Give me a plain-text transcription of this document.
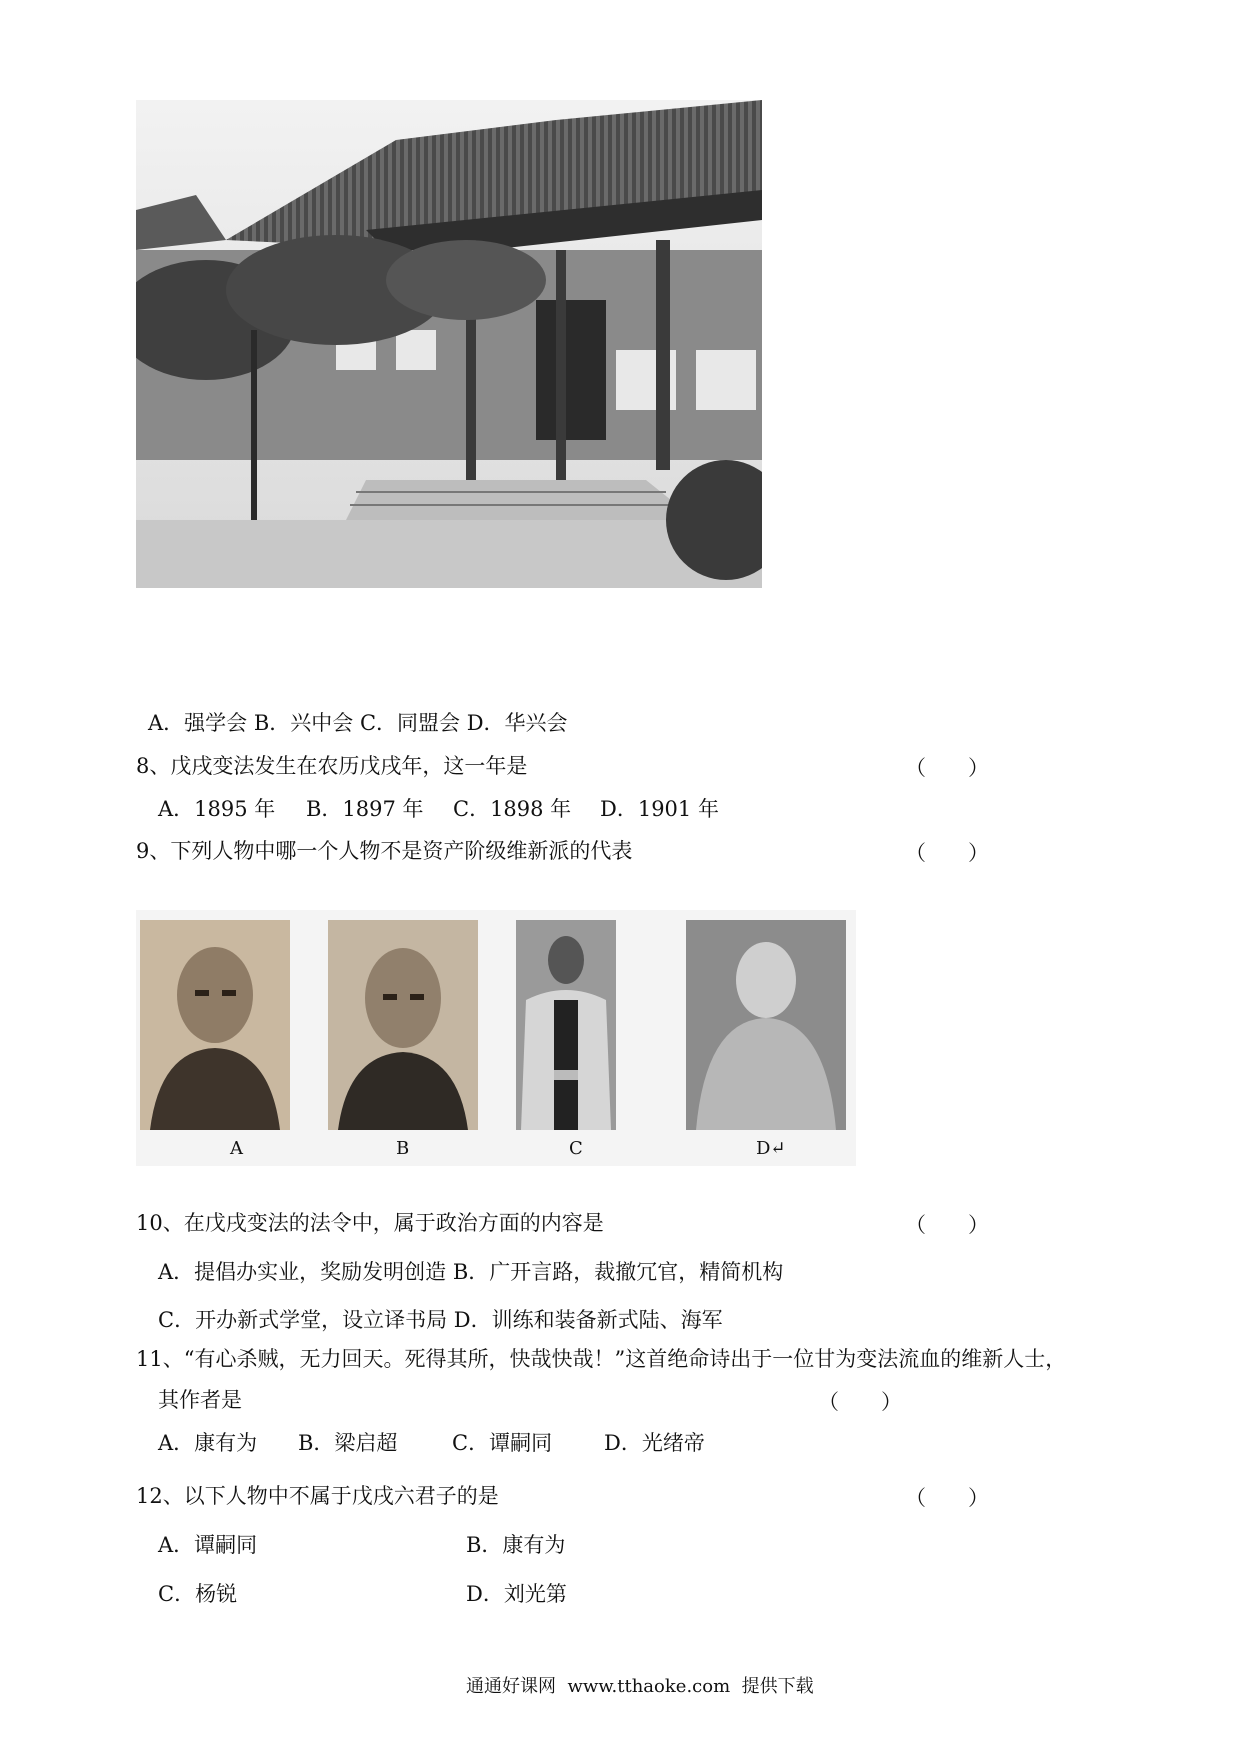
A．强学会 B．兴中会 C．同盟会 D．华兴会
8、戊戌变法发生在农历戊戌年，这一年是	（　　）
A．1895 年 B．1897 年 C．1898 年 D．1901 年
9、下列人物中哪一个人物不是资产阶级维新派的代表	（　　）
A	B	C	D↵
10、在戊戌变法的法令中，属于政治方面的内容是	（　　）
A．提倡办实业，奖励发明创造 B．广开言路，裁撤冗官，精简机构
C．开办新式学堂，设立译书局 D．训练和装备新式陆、海军
11、“有心杀贼，无力回天。死得其所，快哉快哉！”这首绝命诗出于一位甘为变法流血的维新人士，
其作者是	（　　）
A．康有为 B．梁启超	C．谭嗣同 D．光绪帝
12、以下人物中不属于戊戌六君子的是	（　　）
A．谭嗣同	B．康有为
C．杨锐	D．刘光第
通通好课网  www.tthaoke.com  提供下载
